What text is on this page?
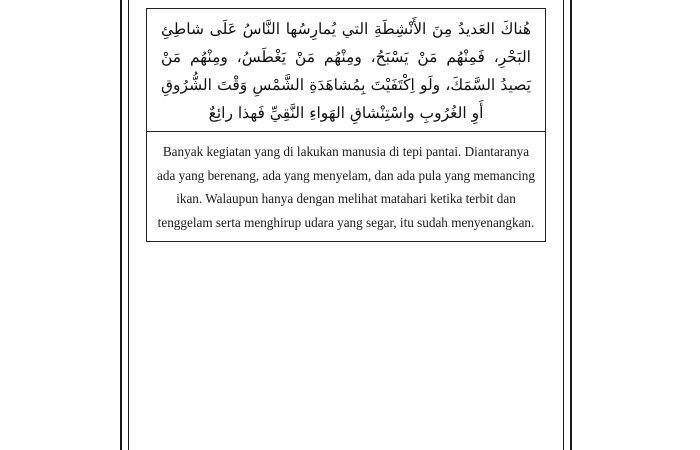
هُناكَ العَديدُ مِنَ الأَنْشِطَةِ التي يُمارِسُها النَّاسُ عَلَى شاطِئِ البَحْرِ، فَمِنْهُم مَنْ يَسْبَحُ، ومِنْهُم مَنْ يَغْطَسُ، ومِنْهُم مَنْ يَصيدُ السَّمَكَ، ولَو اِكْتَفَيْتَ بِمُشاهَدَةِ الشَّمْسِ وَقْتَ الشُّرُوقِ أَوِ الغُرُوبِ واسْتِنْشاقِ الهَواءِ النَّقِيِّ فَهذا رائِعٌ
Banyak kegiatan yang di lakukan manusia di tepi pantai. Diantaranya ada yang berenang, ada yang menyelam, dan ada pula yang memancing ikan. Walaupun hanya dengan melihat matahari ketika terbit dan tenggelam serta menghirup udara yang segar, itu sudah menyenangkan.
